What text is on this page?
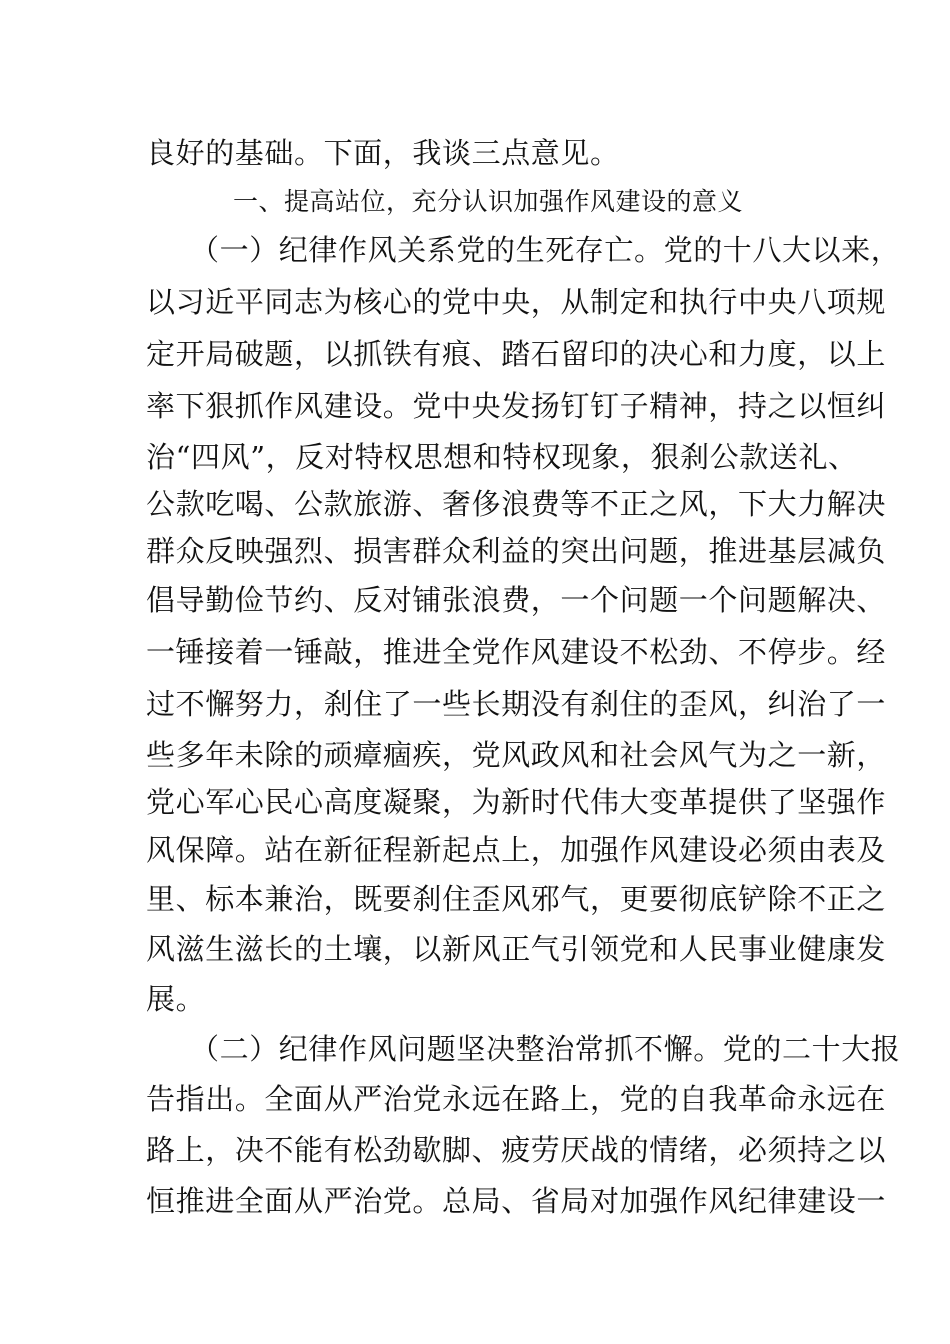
良好的基础。下面，我谈三点意见。
一、提高站位，充分认识加强作风建设的意义
（一）纪律作风关系党的生死存亡。党的十八大以来，
以习近平同志为核心的党中央，从制定和执行中央八项规
定开局破题，以抓铁有痕、踏石留印的决心和力度，以上
率下狠抓作风建设。党中央发扬钉钉子精神，持之以恒纠
治“四风”，反对特权思想和特权现象，狠刹公款送礼、
公款吃喝、公款旅游、奢侈浪费等不正之风，下大力解决
群众反映强烈、损害群众利益的突出问题，推进基层减负
倡导勤俭节约、反对铺张浪费，一个问题一个问题解决、
一锤接着一锤敲，推进全党作风建设不松劲、不停步。经
过不懈努力，刹住了一些长期没有刹住的歪风，纠治了一
些多年未除的顽瘴痼疾，党风政风和社会风气为之一新，
党心军心民心高度凝聚，为新时代伟大变革提供了坚强作
风保障。站在新征程新起点上，加强作风建设必须由表及
里、标本兼治，既要刹住歪风邪气，更要彻底铲除不正之
风滋生滋长的土壤，以新风正气引领党和人民事业健康发
展。
（二）纪律作风问题坚决整治常抓不懈。党的二十大报
告指出。全面从严治党永远在路上，党的自我革命永远在
路上，决不能有松劲歇脚、疲劳厌战的情绪，必须持之以
恒推进全面从严治党。总局、省局对加强作风纪律建设一
